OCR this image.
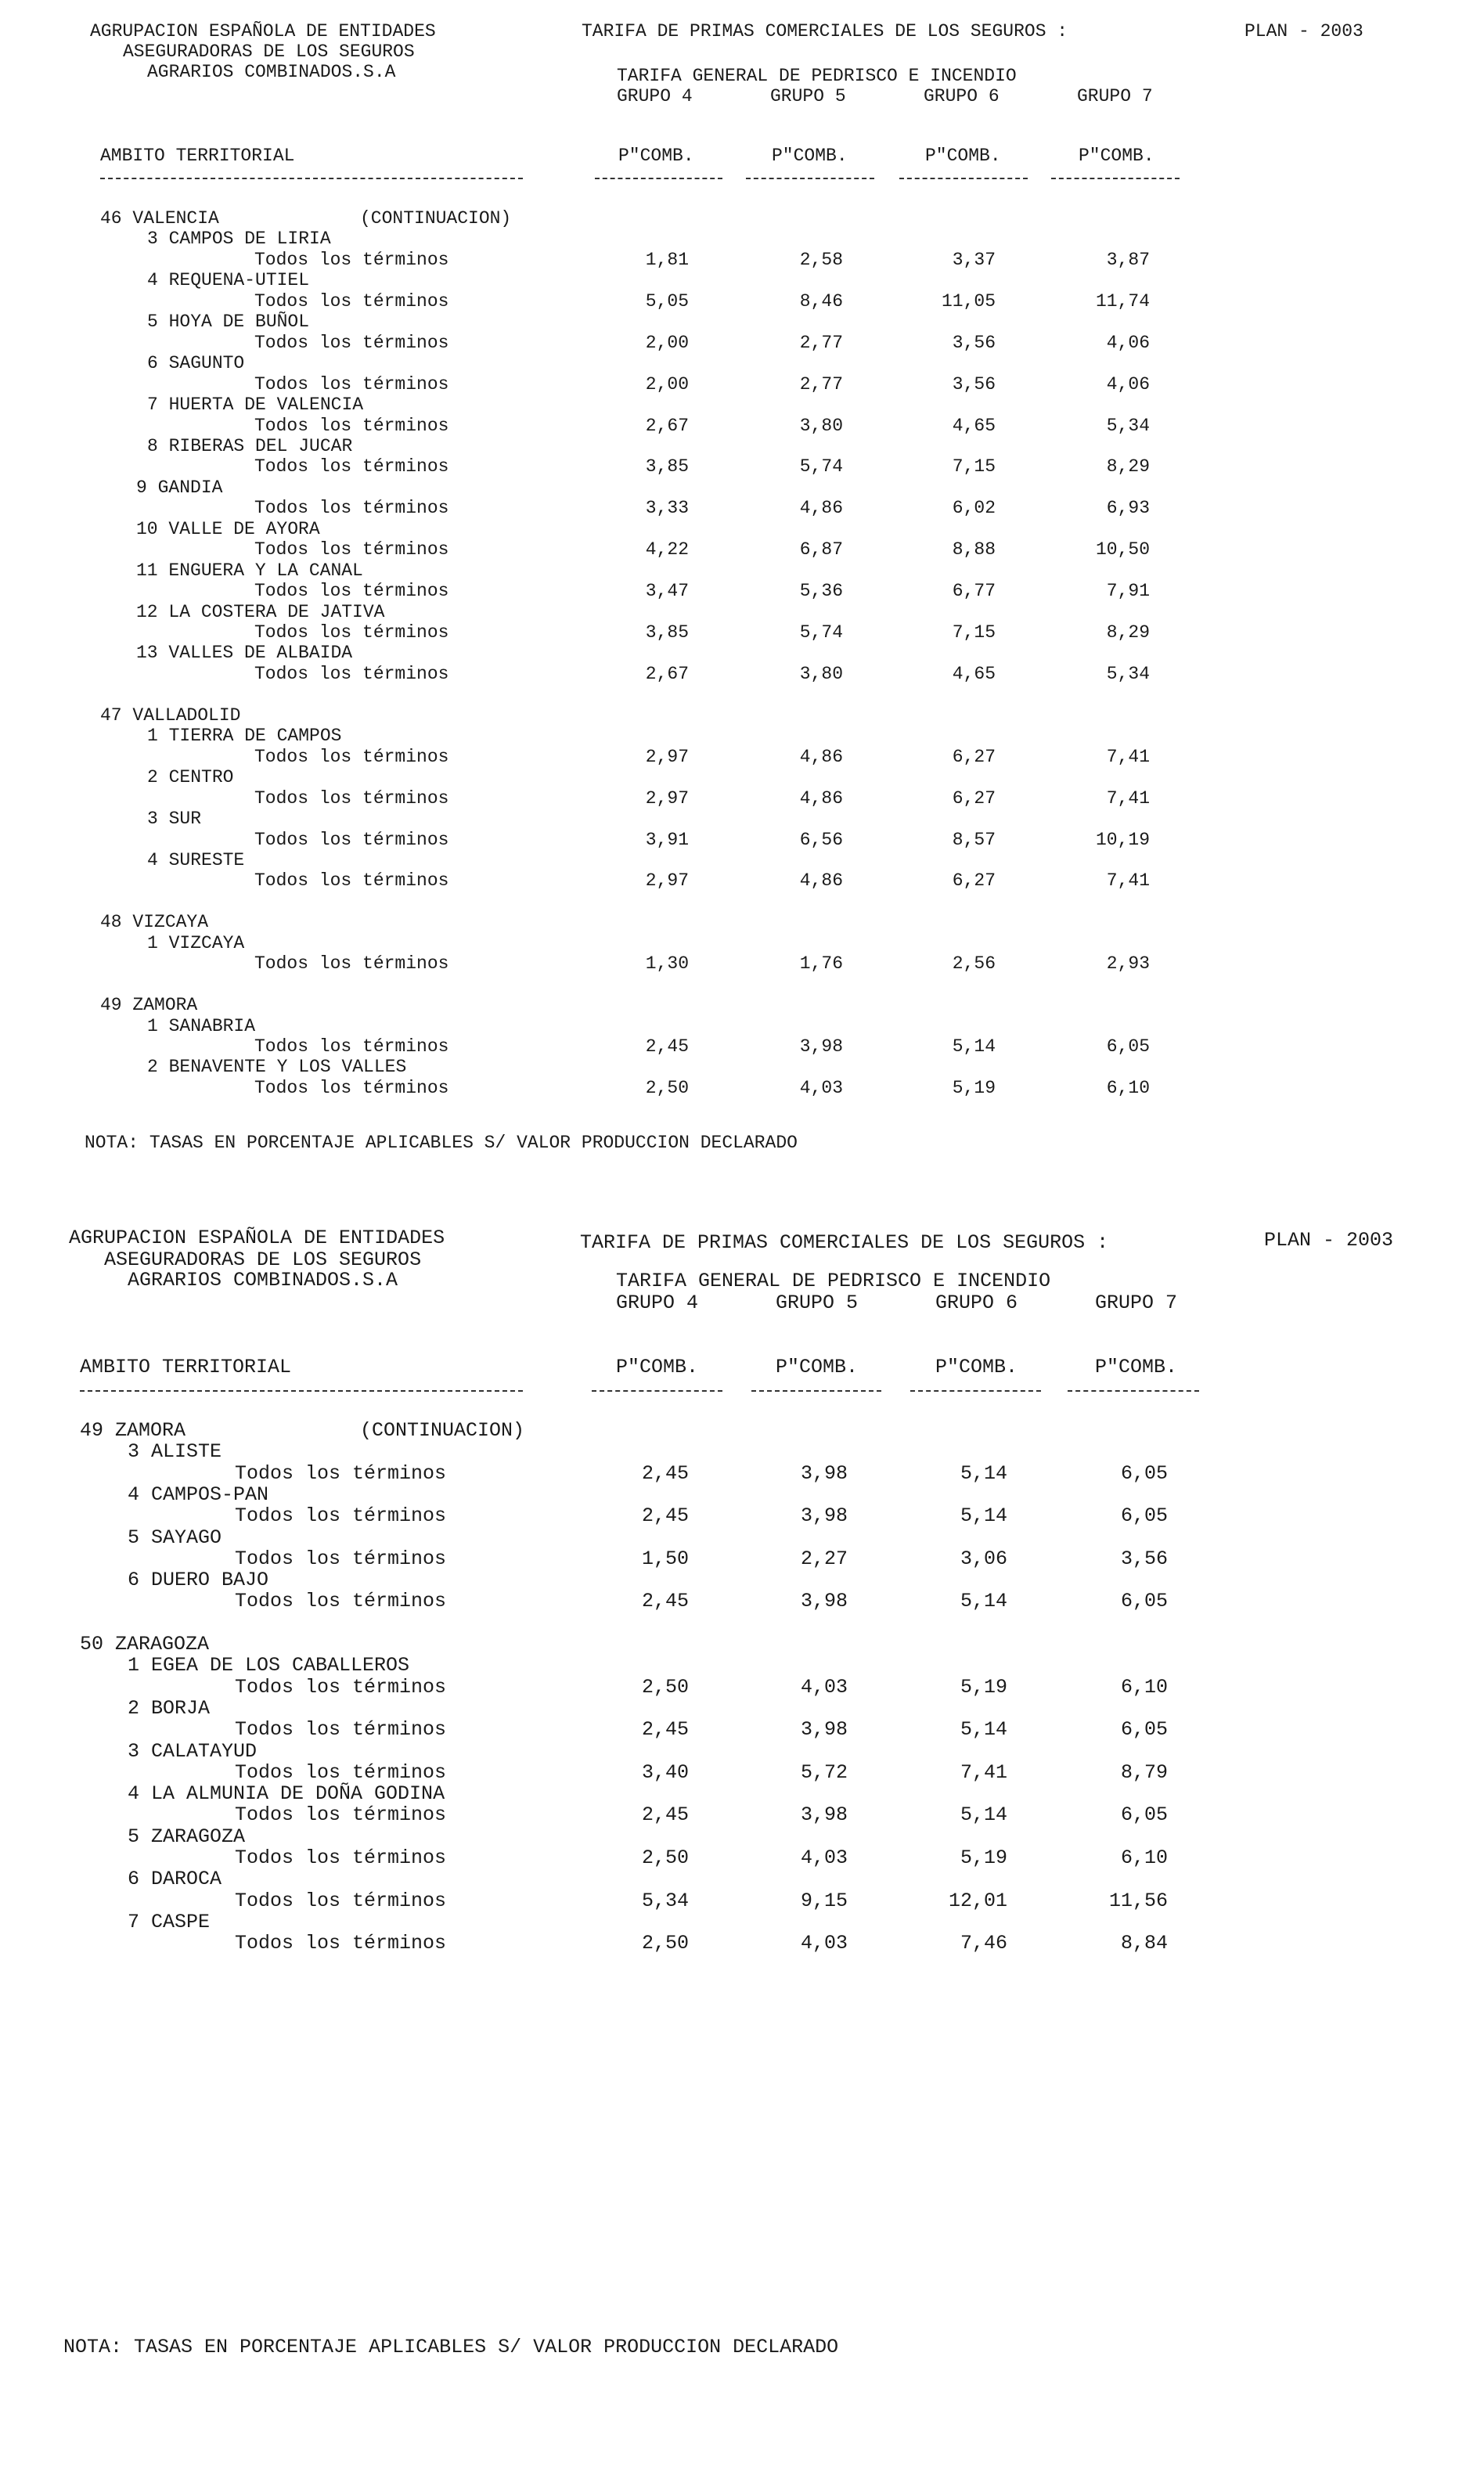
AGRUPACION ESPAÑOLA DE ENTIDADES
ASEGURADORAS DE LOS SEGUROS
AGRARIOS COMBINADOS.S.A
TARIFA DE PRIMAS COMERCIALES DE LOS SEGUROS :	PLAN - 2003
TARIFA GENERAL DE PEDRISCO E INCENDIO
GRUPO 4	GRUPO 5	GRUPO 6	GRUPO 7
AMBITO TERRITORIAL	P"COMB.	P"COMB.	P"COMB.	P"COMB.
46 VALENCIA	(CONTINUACION)
3 CAMPOS DE LIRIA
Todos los términos	1,81	2,58	3,37	3,87
4 REQUENA-UTIEL
Todos los términos	5,05	8,46	11,05	11,74
5 HOYA DE BUÑOL
Todos los términos	2,00	2,77	3,56	4,06
6 SAGUNTO
Todos los términos	2,00	2,77	3,56	4,06
7 HUERTA DE VALENCIA
Todos los términos	2,67	3,80	4,65	5,34
8 RIBERAS DEL JUCAR
Todos los términos	3,85	5,74	7,15	8,29
9 GANDIA
Todos los términos	3,33	4,86	6,02	6,93
10 VALLE DE AYORA
Todos los términos	4,22	6,87	8,88	10,50
11 ENGUERA Y LA CANAL
Todos los términos	3,47	5,36	6,77	7,91
12 LA COSTERA DE JATIVA
Todos los términos	3,85	5,74	7,15	8,29
13 VALLES DE ALBAIDA
Todos los términos	2,67	3,80	4,65	5,34
47 VALLADOLID
1 TIERRA DE CAMPOS
Todos los términos	2,97	4,86	6,27	7,41
2 CENTRO
Todos los términos	2,97	4,86	6,27	7,41
3 SUR
Todos los términos	3,91	6,56	8,57	10,19
4 SURESTE
Todos los términos	2,97	4,86	6,27	7,41
48 VIZCAYA
1 VIZCAYA
Todos los términos	1,30	1,76	2,56	2,93
49 ZAMORA
1 SANABRIA
Todos los términos	2,45	3,98	5,14	6,05
2 BENAVENTE Y LOS VALLES
Todos los términos	2,50	4,03	5,19	6,10
NOTA: TASAS EN PORCENTAJE APLICABLES S/ VALOR PRODUCCION DECLARADO
AGRUPACION ESPAÑOLA DE ENTIDADES
ASEGURADORAS DE LOS SEGUROS
AGRARIOS COMBINADOS.S.A
TARIFA DE PRIMAS COMERCIALES DE LOS SEGUROS :	PLAN - 2003
TARIFA GENERAL DE PEDRISCO E INCENDIO
GRUPO 4	GRUPO 5	GRUPO 6	GRUPO 7
AMBITO TERRITORIAL	P"COMB.	P"COMB.	P"COMB.	P"COMB.
49 ZAMORA	(CONTINUACION)
3 ALISTE
Todos los términos	2,45	3,98	5,14	6,05
4 CAMPOS-PAN
Todos los términos	2,45	3,98	5,14	6,05
5 SAYAGO
Todos los términos	1,50	2,27	3,06	3,56
6 DUERO BAJO
Todos los términos	2,45	3,98	5,14	6,05
50 ZARAGOZA
1 EGEA DE LOS CABALLEROS
Todos los términos	2,50	4,03	5,19	6,10
2 BORJA
Todos los términos	2,45	3,98	5,14	6,05
3 CALATAYUD
Todos los términos	3,40	5,72	7,41	8,79
4 LA ALMUNIA DE DOÑA GODINA
Todos los términos	2,45	3,98	5,14	6,05
5 ZARAGOZA
Todos los términos	2,50	4,03	5,19	6,10
6 DAROCA
Todos los términos	5,34	9,15	12,01	11,56
7 CASPE
Todos los términos	2,50	4,03	7,46	8,84
NOTA: TASAS EN PORCENTAJE APLICABLES S/ VALOR PRODUCCION DECLARADO
